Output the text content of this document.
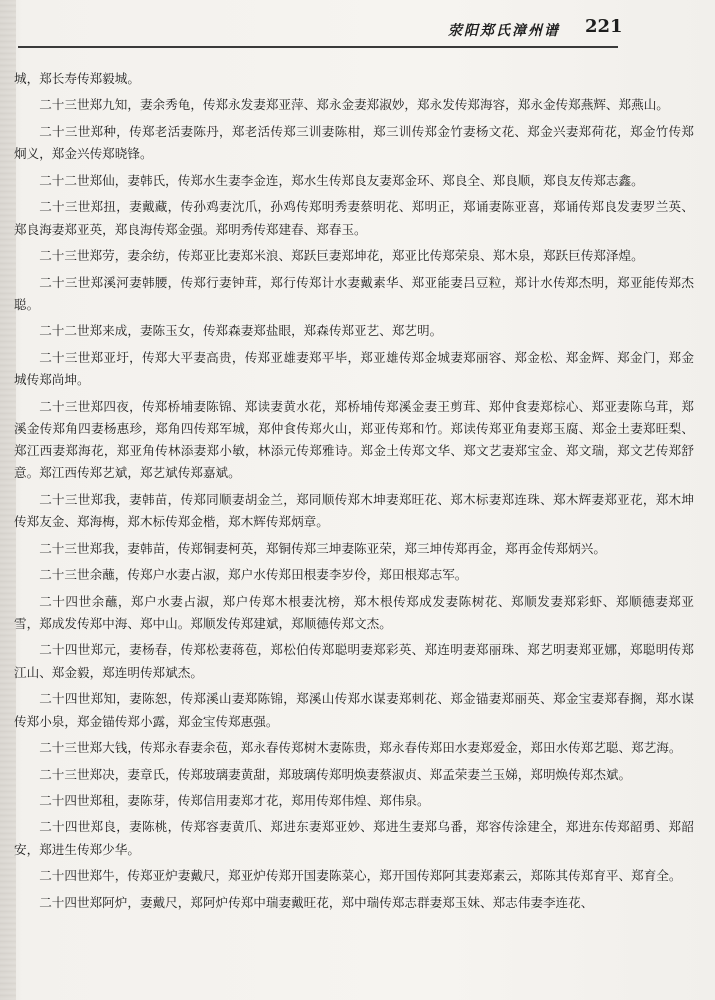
荥阳郑氏漳州谱 221

城，郑长寿传郑毅城。

二十三世郑九知，妻余秀龟，传郑永发妻郑亚萍、郑永金妻郑淑妙，郑永发传郑海容，郑永金传郑燕辉、郑燕山。

二十三世郑种，传郑老活妻陈丹，郑老活传郑三训妻陈柑，郑三训传郑金竹妻杨文花、郑金兴妻郑荷花，郑金竹传郑炯义，郑金兴传郑晓锋。

二十二世郑仙，妻韩氏，传郑水生妻李金连，郑水生传郑良友妻郑金环、郑良全、郑良顺，郑良友传郑志鑫。

二十三世郑扭，妻戴藏，传孙鸡妻沈爪，孙鸡传郑明秀妻蔡明花、郑明正，郑诵妻陈亚喜，郑诵传郑良发妻罗兰英、郑良海妻郑亚英，郑良海传郑金强。郑明秀传郑建春、郑春玉。

二十三世郑劳，妻余纺，传郑亚比妻郑米浪、郑跃巨妻郑坤花，郑亚比传郑荣泉、郑木泉，郑跃巨传郑泽煌。

二十三世郑溪河妻韩腰，传郑行妻钟茸，郑行传郑计水妻戴素华、郑亚能妻吕豆粒，郑计水传郑杰明，郑亚能传郑杰聪。

二十二世郑来成，妻陈玉女，传郑森妻郑盐眼，郑森传郑亚艺、郑艺明。

二十三世郑亚圩，传郑大平妻高贵，传郑亚雄妻郑平毕，郑亚雄传郑金城妻郑丽容、郑金松、郑金辉、郑金门，郑金城传郑尚坤。

二十三世郑四夜，传郑桥埔妻陈锦、郑读妻黄水花，郑桥埔传郑溪金妻王剪茸、郑仲食妻郑棕心、郑亚妻陈乌茸，郑溪金传郑角四妻杨惠珍，郑角四传郑军城，郑仲食传郑火山，郑亚传郑和竹。郑读传郑亚角妻郑玉腐、郑金土妻郑旺梨、郑江西妻郑海花，郑亚角传林添妻郑小敏，林添元传郑雅诗。郑金土传郑文华、郑文艺妻郑宝金、郑文瑞，郑文艺传郑舒意。郑江西传郑艺斌，郑艺斌传郑嘉斌。

二十三世郑我，妻韩苗，传郑同顺妻胡金兰，郑同顺传郑木坤妻郑旺花、郑木标妻郑连珠、郑木辉妻郑亚花，郑木坤传郑友金、郑海梅，郑木标传郑金楷，郑木辉传郑炳章。

二十三世郑我，妻韩苗，传郑铜妻柯英，郑铜传郑三坤妻陈亚荣，郑三坤传郑再金，郑再金传郑炳兴。

二十三世余蘸，传郑户水妻占淑，郑户水传郑田根妻李岁伶，郑田根郑志军。

二十四世余蘸，郑户水妻占淑，郑户传郑木根妻沈榜，郑木根传郑成发妻陈树花、郑顺发妻郑彩虾、郑顺德妻郑亚雪，郑成发传郑中海、郑中山。郑顺发传郑建斌，郑顺德传郑文杰。

二十四世郑元，妻杨春，传郑松妻蒋苞，郑松伯传郑聪明妻郑彩英、郑连明妻郑丽珠、郑艺明妻郑亚娜，郑聪明传郑江山、郑金毅，郑连明传郑斌杰。

二十四世郑知，妻陈恕，传郑溪山妻郑陈锦，郑溪山传郑水谋妻郑刺花、郑金锚妻郑丽英、郑金宝妻郑春搁，郑水谋传郑小泉，郑金锚传郑小露，郑金宝传郑惠强。

二十三世郑大钱，传郑永春妻余苞，郑永春传郑树木妻陈贵，郑永春传郑田水妻郑爱金，郑田水传郑艺聪、郑艺海。

二十三世郑决，妻章氏，传郑玻璃妻黄甜，郑玻璃传郑明焕妻蔡淑贞、郑孟荣妻兰玉娣，郑明焕传郑杰斌。

二十四世郑租，妻陈芽，传郑信用妻郑才花，郑用传郑伟煌、郑伟泉。

二十四世郑良，妻陈桃，传郑容妻黄爪、郑进东妻郑亚妙、郑进生妻郑乌番，郑容传涂建全，郑进东传郑韶勇、郑韶安，郑进生传郑少华。

二十四世郑牛，传郑亚炉妻戴尺，郑亚炉传郑开国妻陈菜心，郑开国传郑阿其妻郑素云，郑陈其传郑育平、郑育全。

二十四世郑阿炉，妻戴尺，郑阿炉传郑中瑞妻戴旺花，郑中瑞传郑志群妻郑玉妹、郑志伟妻李连花、
